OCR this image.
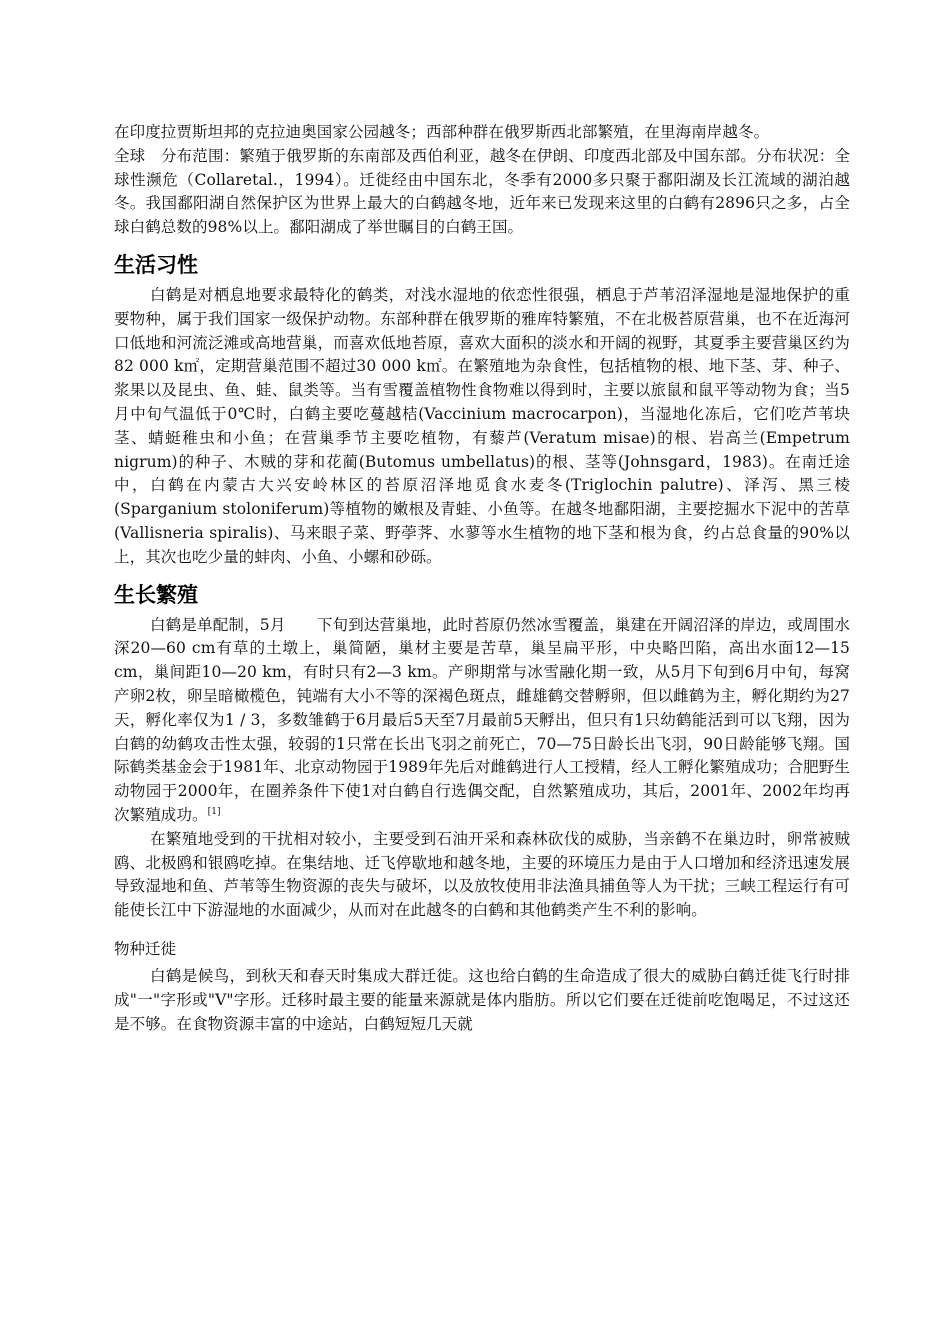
在印度拉贾斯坦邦的克拉迪奥国家公园越冬；西部种群在俄罗斯西北部繁殖，在里海南岸越冬。

全球　分布范围：繁殖于俄罗斯的东南部及西伯利亚，越冬在伊朗、印度西北部及中国东部。分布状况：全球性濒危（Collaretal.，1994）。迁徙经由中国东北，冬季有2000多只聚于鄱阳湖及长江流域的湖泊越冬。我国鄱阳湖自然保护区为世界上最大的白鹤越冬地，近年来已发现来这里的白鹤有2896只之多，占全球白鹤总数的98%以上。鄱阳湖成了举世瞩目的白鹤王国。

生活习性

白鹤是对栖息地要求最特化的鹤类，对浅水湿地的依恋性很强，栖息于芦苇沼泽湿地是湿地保护的重要物种，属于我们国家一级保护动物。东部种群在俄罗斯的雅库特繁殖，不在北极苔原营巢，也不在近海河口低地和河流泛滩或高地营巢，而喜欢低地苔原，喜欢大面积的淡水和开阔的视野，其夏季主要营巢区约为82 000 k㎡，定期营巢范围不超过30 000 k㎡。在繁殖地为杂食性，包括植物的根、地下茎、芽、种子、浆果以及昆虫、鱼、蛙、鼠类等。当有雪覆盖植物性食物难以得到时，主要以旅鼠和鼠平等动物为食；当5月中旬气温低于0℃时，白鹤主要吃蔓越桔(Vaccinium macrocarpon)，当湿地化冻后，它们吃芦苇块茎、蜻蜓稚虫和小鱼；在营巢季节主要吃植物，有藜芦(Veratum misae)的根、岩高兰(Empetrum nigrum)的种子、木贼的芽和花蔺(Butomus umbellatus)的根、茎等(Johnsgard，1983)。在南迁途中，白鹤在内蒙古大兴安岭林区的苔原沼泽地觅食水麦冬(Triglochin palutre)、泽泻、黑三棱(Sparganium stoloniferum)等植物的嫩根及青蛙、小鱼等。在越冬地鄱阳湖，主要挖掘水下泥中的苦草(Vallisneria spiralis)、马来眼子菜、野荸荠、水蓼等水生植物的地下茎和根为食，约占总食量的90%以上，其次也吃少量的蚌肉、小鱼、小螺和砂砾。

生长繁殖

白鹤是单配制，5月　　下旬到达营巢地，此时苔原仍然冰雪覆盖，巢建在开阔沼泽的岸边，或周围水深20—60 cm有草的土墩上，巢简陋，巢材主要是苦草，巢呈扁平形，中央略凹陷，高出水面12—15 cm，巢间距10—20 km，有时只有2—3 km。产卵期常与冰雪融化期一致，从5月下旬到6月中旬，每窝产卵2枚，卵呈暗橄榄色，钝端有大小不等的深褐色斑点，雌雄鹤交替孵卵，但以雌鹤为主，孵化期约为27天，孵化率仅为1 / 3，多数雏鹤于6月最后5天至7月最前5天孵出，但只有1只幼鹤能活到可以飞翔，因为白鹤的幼鹤攻击性太强，较弱的1只常在长出飞羽之前死亡，70—75日龄长出飞羽，90日龄能够飞翔。国际鹤类基金会于1981年、北京动物园于1989年先后对雌鹤进行人工授精，经人工孵化繁殖成功；合肥野生动物园于2000年，在圈养条件下使1对白鹤自行选偶交配，自然繁殖成功，其后，2001年、2002年均再次繁殖成功。[1]

在繁殖地受到的干扰相对较小，主要受到石油开采和森林砍伐的威胁，当亲鹤不在巢边时，卵常被贼鸥、北极鸥和银鸥吃掉。在集结地、迁飞停歇地和越冬地，主要的环境压力是由于人口增加和经济迅速发展导致湿地和鱼、芦苇等生物资源的丧失与破坏，以及放牧使用非法渔具捕鱼等人为干扰；三峡工程运行有可能使长江中下游湿地的水面减少，从而对在此越冬的白鹤和其他鹤类产生不利的影响。

物种迁徙

白鹤是候鸟，到秋天和春天时集成大群迁徙。这也给白鹤的生命造成了很大的威胁白鹤迁徙飞行时排成"一"字形或"V"字形。迁移时最主要的能量来源就是体内脂肪。所以它们要在迁徙前吃饱喝足，不过这还是不够。在食物资源丰富的中途站，白鹤短短几天就
